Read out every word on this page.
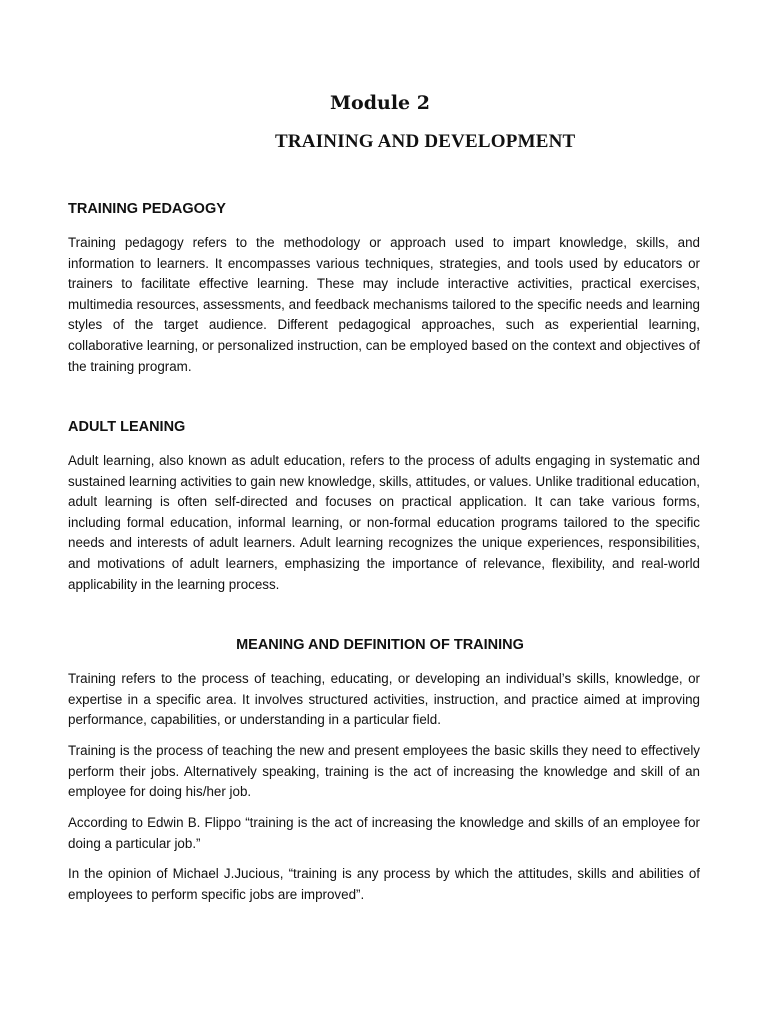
Module 2
TRAINING AND DEVELOPMENT
TRAINING PEDAGOGY

Training pedagogy refers to the methodology or approach used to impart knowledge, skills, and information to learners. It encompasses various techniques, strategies, and tools used by educators or trainers to facilitate effective learning. These may include interactive activities, practical exercises, multimedia resources, assessments, and feedback mechanisms tailored to the specific needs and learning styles of the target audience. Different pedagogical approaches, such as experiential learning, collaborative learning, or personalized instruction, can be employed based on the context and objectives of the training program.

ADULT LEANING

Adult learning, also known as adult education, refers to the process of adults engaging in systematic and sustained learning activities to gain new knowledge, skills, attitudes, or values. Unlike traditional education, adult learning is often self-directed and focuses on practical application. It can take various forms, including formal education, informal learning, or non-formal education programs tailored to the specific needs and interests of adult learners. Adult learning recognizes the unique experiences, responsibilities, and motivations of adult learners, emphasizing the importance of relevance, flexibility, and real-world applicability in the learning process.

MEANING AND DEFINITION OF TRAINING

Training refers to the process of teaching, educating, or developing an individual’s skills, knowledge, or expertise in a specific area. It involves structured activities, instruction, and practice aimed at improving performance, capabilities, or understanding in a particular field.

Training is the process of teaching the new and present employees the basic skills they need to effectively perform their jobs. Alternatively speaking, training is the act of increasing the knowledge and skill of an employee for doing his/her job.

According to Edwin B. Flippo “training is the act of increasing the knowledge and skills of an employee for doing a particular job.”

In the opinion of Michael J.Jucious, “training is any process by which the attitudes, skills and abilities of employees to perform specific jobs are improved”.
